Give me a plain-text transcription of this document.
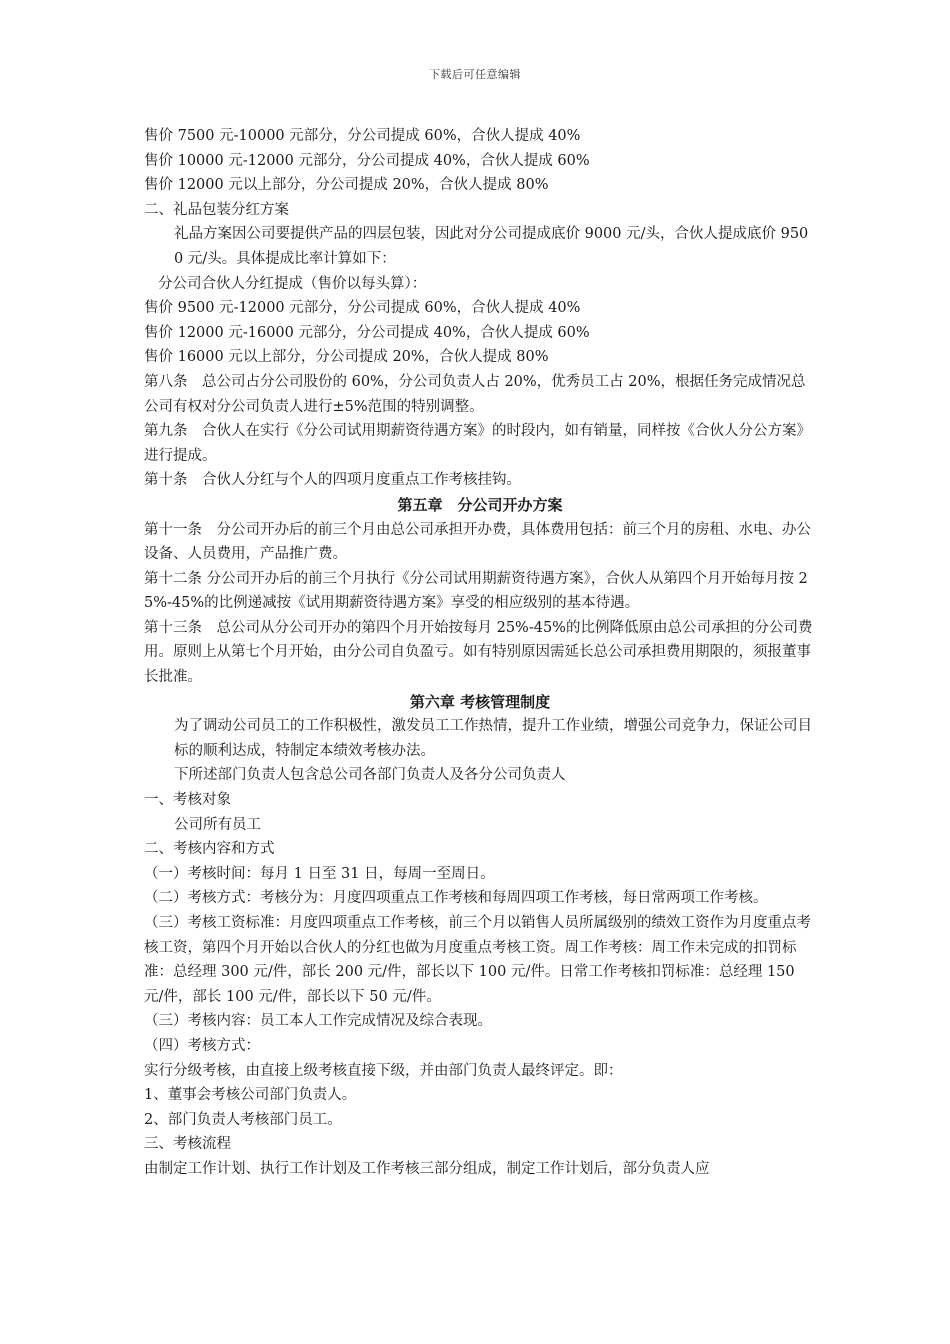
下载后可任意编辑

售价 7500 元-10000 元部分，分公司提成 60%，合伙人提成 40%

售价 10000 元-12000 元部分，分公司提成 40%，合伙人提成 60%

售价 12000 元以上部分，分公司提成 20%，合伙人提成 80%

二、礼品包装分红方案

礼品方案因公司要提供产品的四层包装，因此对分公司提成底价 9000 元/头，合伙人提成底价 9500 元/头。具体提成比率计算如下：

分公司合伙人分红提成（售价以每头算）：

售价 9500 元-12000 元部分，分公司提成 60%，合伙人提成 40%

售价 12000 元-16000 元部分，分公司提成 40%，合伙人提成 60%

售价 16000 元以上部分，分公司提成 20%，合伙人提成 80%

第八条　总公司占分公司股份的 60%，分公司负责人占 20%，优秀员工占 20%，根据任务完成情况总公司有权对分公司负责人进行±5%范围的特别调整。

第九条　合伙人在实行《分公司试用期薪资待遇方案》的时段内，如有销量，同样按《合伙人分公方案》进行提成。

第十条　合伙人分红与个人的四项月度重点工作考核挂钩。

第五章　分公司开办方案

第十一条　分公司开办后的前三个月由总公司承担开办费，具体费用包括：前三个月的房租、水电、办公设备、人员费用，产品推广费。

第十二条 分公司开办后的前三个月执行《分公司试用期薪资待遇方案》，合伙人从第四个月开始每月按 25%-45%的比例递减按《试用期薪资待遇方案》享受的相应级别的基本待遇。

第十三条　总公司从分公司开办的第四个月开始按每月 25%-45%的比例降低原由总公司承担的分公司费用。原则上从第七个月开始，由分公司自负盈亏。如有特别原因需延长总公司承担费用期限的，须报董事长批准。

第六章 考核管理制度

为了调动公司员工的工作积极性，激发员工工作热情，提升工作业绩，增强公司竞争力，保证公司目标的顺利达成，特制定本绩效考核办法。

下所述部门负责人包含总公司各部门负责人及各分公司负责人

一、考核对象

公司所有员工

二、考核内容和方式

（一）考核时间：每月 1 日至 31 日，每周一至周日。

（二）考核方式：考核分为：月度四项重点工作考核和每周四项工作考核，每日常两项工作考核。

（三）考核工资标准：月度四项重点工作考核，前三个月以销售人员所属级别的绩效工资作为月度重点考核工资，第四个月开始以合伙人的分红也做为月度重点考核工资。周工作考核：周工作未完成的扣罚标准：总经理 300 元/件，部长 200 元/件，部长以下 100 元/件。日常工作考核扣罚标准：总经理 150 元/件，部长 100 元/件，部长以下 50 元/件。

（三）考核内容：员工本人工作完成情况及综合表现。

（四）考核方式：

实行分级考核，由直接上级考核直接下级，并由部门负责人最终评定。即：

1、董事会考核公司部门负责人。

2、部门负责人考核部门员工。

三、考核流程

由制定工作计划、执行工作计划及工作考核三部分组成，制定工作计划后，部分负责人应
